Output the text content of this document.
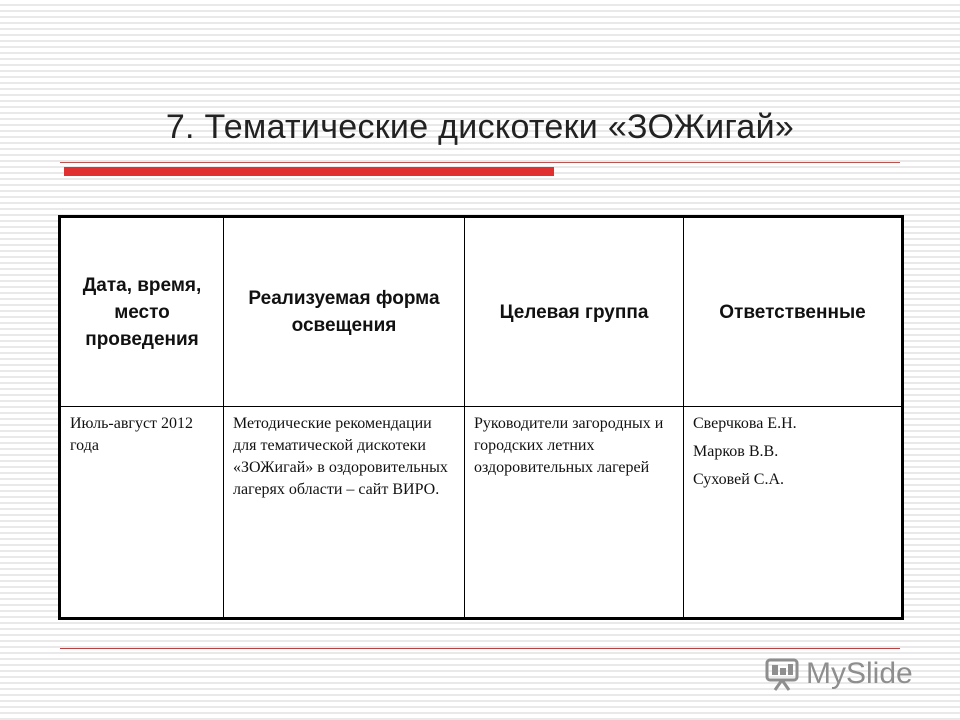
7. Тематические дискотеки «ЗОЖигай»
Дата, время, место проведения	Реализуемая форма освещения	Целевая группа	Ответственные
Июль-август 2012 года	Методические рекомендации для тематической дискотеки «ЗОЖигай» в оздоровительных лагерях области – сайт ВИРО.	Руководители загородных и городских летних оздоровительных лагерей	Сверчкова Е.Н.

Марков В.В.

Суховей С.А.

MySlide
